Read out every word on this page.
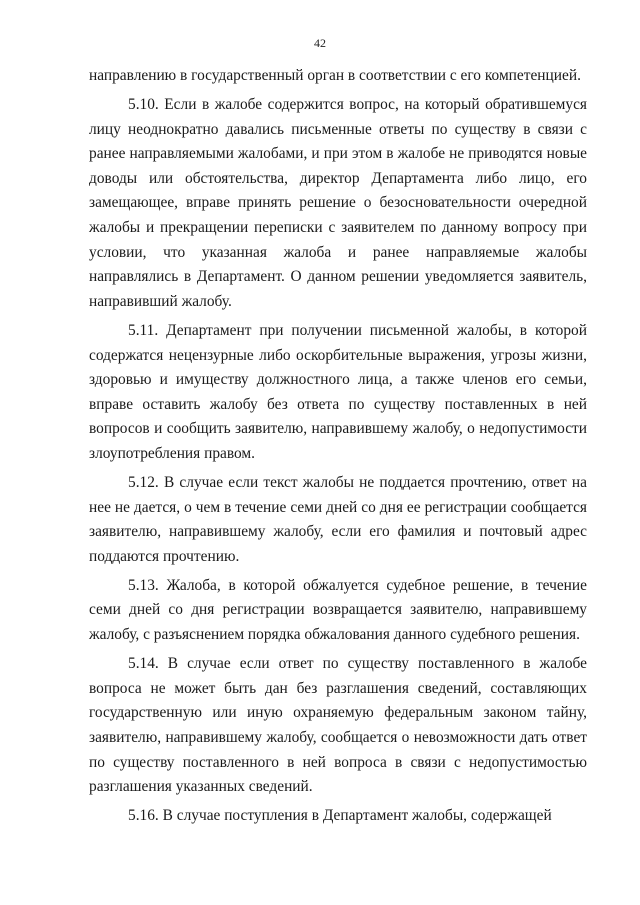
42

направлению в государственный орган в соответствии с его компетенцией.

5.10. Если в жалобе содержится вопрос, на который обратившемуся лицу неоднократно давались письменные ответы по существу в связи с ранее направляемыми жалобами, и при этом в жалобе не приводятся новые доводы или обстоятельства, директор Департамента либо лицо, его замещающее, вправе принять решение о безосновательности очередной жалобы и прекращении переписки с заявителем по данному вопросу при условии, что указанная жалоба и ранее направляемые жалобы направлялись в Департамент. О данном решении уведомляется заявитель, направивший жалобу.

5.11. Департамент при получении письменной жалобы, в которой содержатся нецензурные либо оскорбительные выражения, угрозы жизни, здоровью и имуществу должностного лица, а также членов его семьи, вправе оставить жалобу без ответа по существу поставленных в ней вопросов и сообщить заявителю, направившему жалобу, о недопустимости злоупотребления правом.

5.12. В случае если текст жалобы не поддается прочтению, ответ на нее не дается, о чем в течение семи дней со дня ее регистрации сообщается заявителю, направившему жалобу, если его фамилия и почтовый адрес поддаются прочтению.

5.13. Жалоба, в которой обжалуется судебное решение, в течение семи дней со дня регистрации возвращается заявителю, направившему жалобу, с разъяснением порядка обжалования данного судебного решения.

5.14. В случае если ответ по существу поставленного в жалобе вопроса не может быть дан без разглашения сведений, составляющих государственную или иную охраняемую федеральным законом тайну, заявителю, направившему жалобу, сообщается о невозможности дать ответ по существу поставленного в ней вопроса в связи с недопустимостью разглашения указанных сведений.

5.16. В случае поступления в Департамент жалобы, содержащей
